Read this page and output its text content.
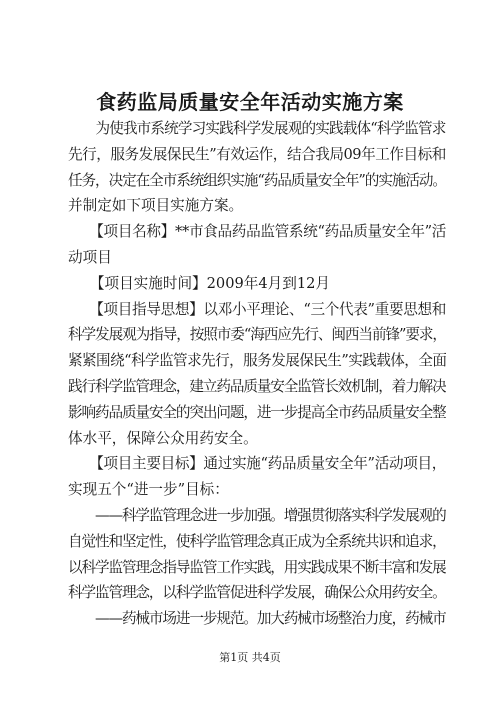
食药监局质量安全年活动实施方案
　　为使我市系统学习实践科学发展观的实践载体“科学监管求
先行，服务发展保民生”有效运作，结合我局09年工作目标和
任务，决定在全市系统组织实施“药品质量安全年”的实施活动。
并制定如下项目实施方案。
　　【项目名称】**市食品药品监管系统“药品质量安全年”活
动项目
　　【项目实施时间】2009年4月到12月
　　【项目指导思想】以邓小平理论、“三个代表”重要思想和
科学发展观为指导，按照市委“海西应先行、闽西当前锋”要求，
紧紧围绕“科学监管求先行，服务发展保民生”实践载体，全面
践行科学监管理念，建立药品质量安全监管长效机制，着力解决
影响药品质量安全的突出问题，进一步提高全市药品质量安全整
体水平，保障公众用药安全。
　　【项目主要目标】通过实施“药品质量安全年”活动项目，
实现五个“进一步”目标：
　　——科学监管理念进一步加强。增强贯彻落实科学发展观的
自觉性和坚定性，使科学监管理念真正成为全系统共识和追求，
以科学监管理念指导监管工作实践，用实践成果不断丰富和发展
科学监管理念，以科学监管促进科学发展，确保公众用药安全。
　　——药械市场进一步规范。加大药械市场整治力度，药械市
第1页 共4页
